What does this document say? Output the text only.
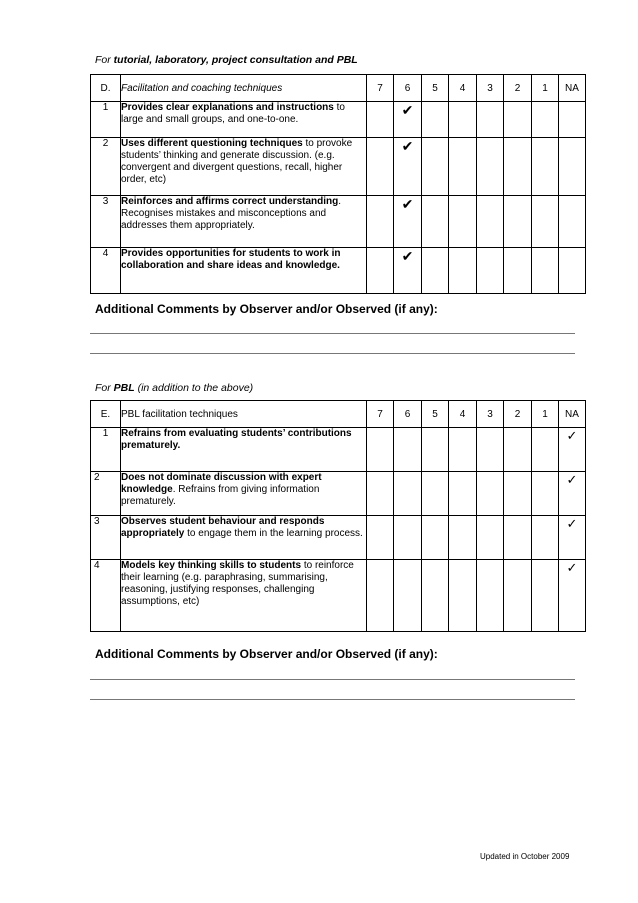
For tutorial, laboratory, project consultation and PBL
D.	Facilitation and coaching techniques	7	6	5	4	3	2	1	NA
1	Provides clear explanations and instructions to large and small groups, and one-to-one.		✔						
2	Uses different questioning techniques to provoke students’ thinking and generate discussion. (e.g. convergent and divergent questions, recall, higher order, etc)		✔						
3	Reinforces and affirms correct understanding. Recognises mistakes and misconceptions and addresses them appropriately.		✔						
4	Provides opportunities for students to work in collaboration and share ideas and knowledge.		✔						
Additional Comments by Observer and/or Observed (if any):
For PBL (in addition to the above)
E.	PBL facilitation techniques	7	6	5	4	3	2	1	NA
1	Refrains from evaluating students’ contributions prematurely.								✓
2	Does not dominate discussion with expert knowledge. Refrains from giving information prematurely.								✓
3	Observes student behaviour and responds appropriately to engage them in the learning process.								✓
4	Models key thinking skills to students to reinforce their learning (e.g. paraphrasing, summarising, reasoning, justifying responses, challenging assumptions, etc)								✓
Additional Comments by Observer and/or Observed (if any):
Updated in October 2009
